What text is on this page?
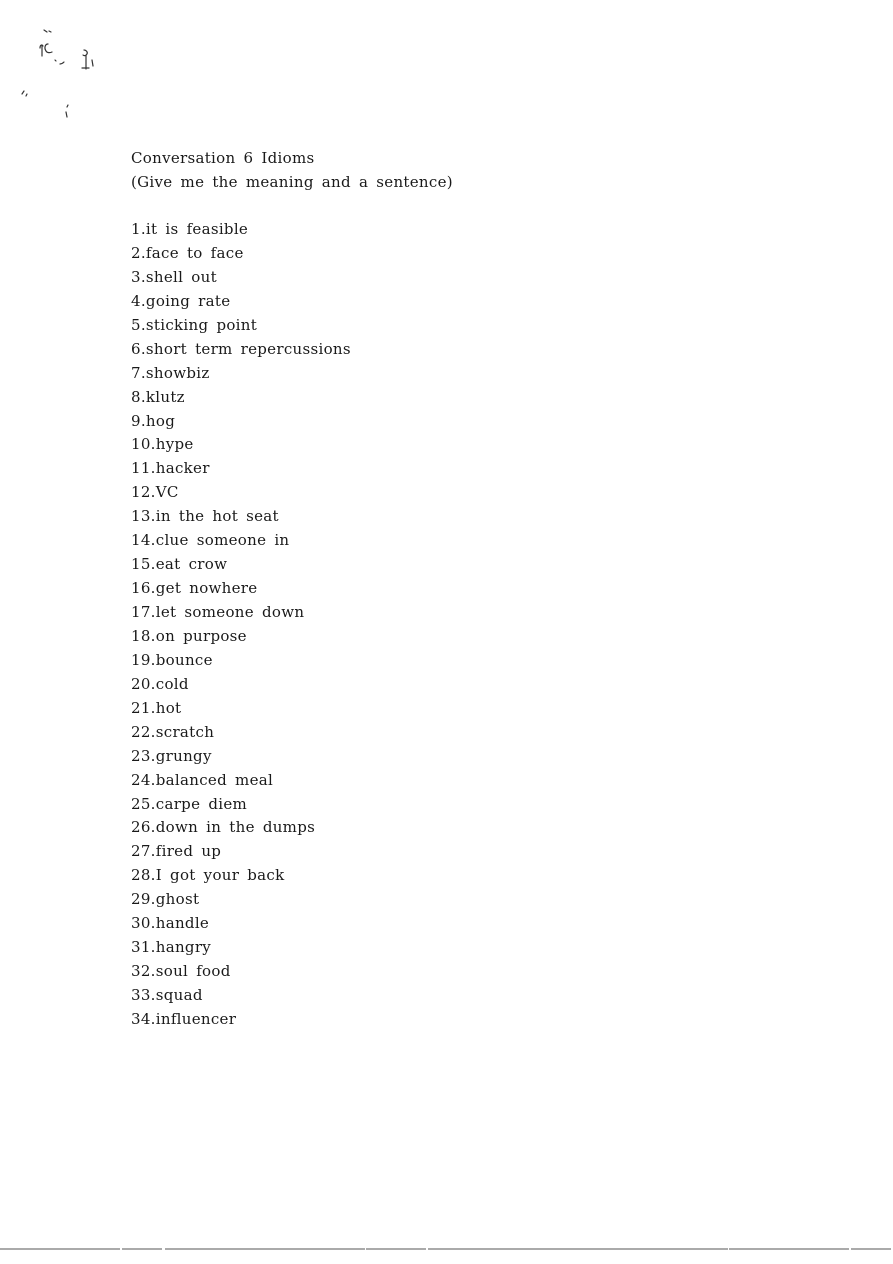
Conversation 6 Idioms
(Give me the meaning and a sentence)
1.it is feasible
2.face to face
3.shell out
4.going rate
5.sticking point
6.short term repercussions
7.showbiz
8.klutz
9.hog
10.hype
11.hacker
12.VC
13.in the hot seat
14.clue someone in
15.eat crow
16.get nowhere
17.let someone down
18.on purpose
19.bounce
20.cold
21.hot
22.scratch
23.grungy
24.balanced meal
25.carpe diem
26.down in the dumps
27.fired up
28.I got your back
29.ghost
30.handle
31.hangry
32.soul food
33.squad
34.influencer
